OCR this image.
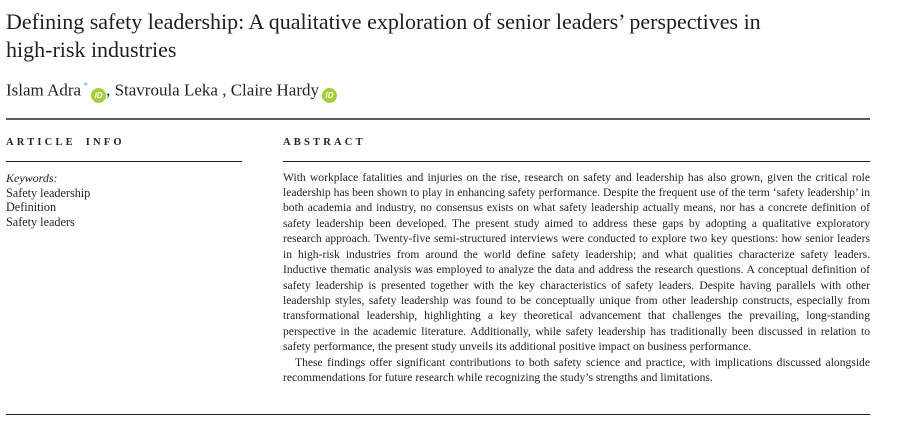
Defining safety leadership: A qualitative exploration of senior leaders’ perspectives in high-risk industries
Islam Adra *iD , Stavroula Leka , Claire Hardy iD
ARTICLE INFO
Keywords:
Safety leadership
Definition
Safety leaders
ABSTRACT

With workplace fatalities and injuries on the rise, research on safety and leadership has also grown, given the critical role leadership has been shown to play in enhancing safety performance. Despite the frequent use of the term ‘safety leadership’ in both academia and industry, no consensus exists on what safety leadership actually means, nor has a concrete definition of safety leadership been developed. The present study aimed to address these gaps by adopting a qualitative exploratory research approach. Twenty-five semi-structured interviews were conducted to explore two key questions: how senior leaders in high-risk industries from around the world define safety leadership; and what qualities characterize safety leaders. Inductive thematic analysis was employed to analyze the data and address the research questions. A conceptual definition of safety leadership is presented together with the key characteristics of safety leaders. Despite having parallels with other leadership styles, safety leadership was found to be conceptually unique from other leadership constructs, especially from transformational leadership, highlighting a key theoretical advancement that challenges the prevailing, long-standing perspective in the academic literature. Additionally, while safety leadership has traditionally been discussed in relation to safety performance, the present study unveils its additional positive impact on business performance.

These findings offer significant contributions to both safety science and practice, with implications discussed alongside recommendations for future research while recognizing the study’s strengths and limitations.
